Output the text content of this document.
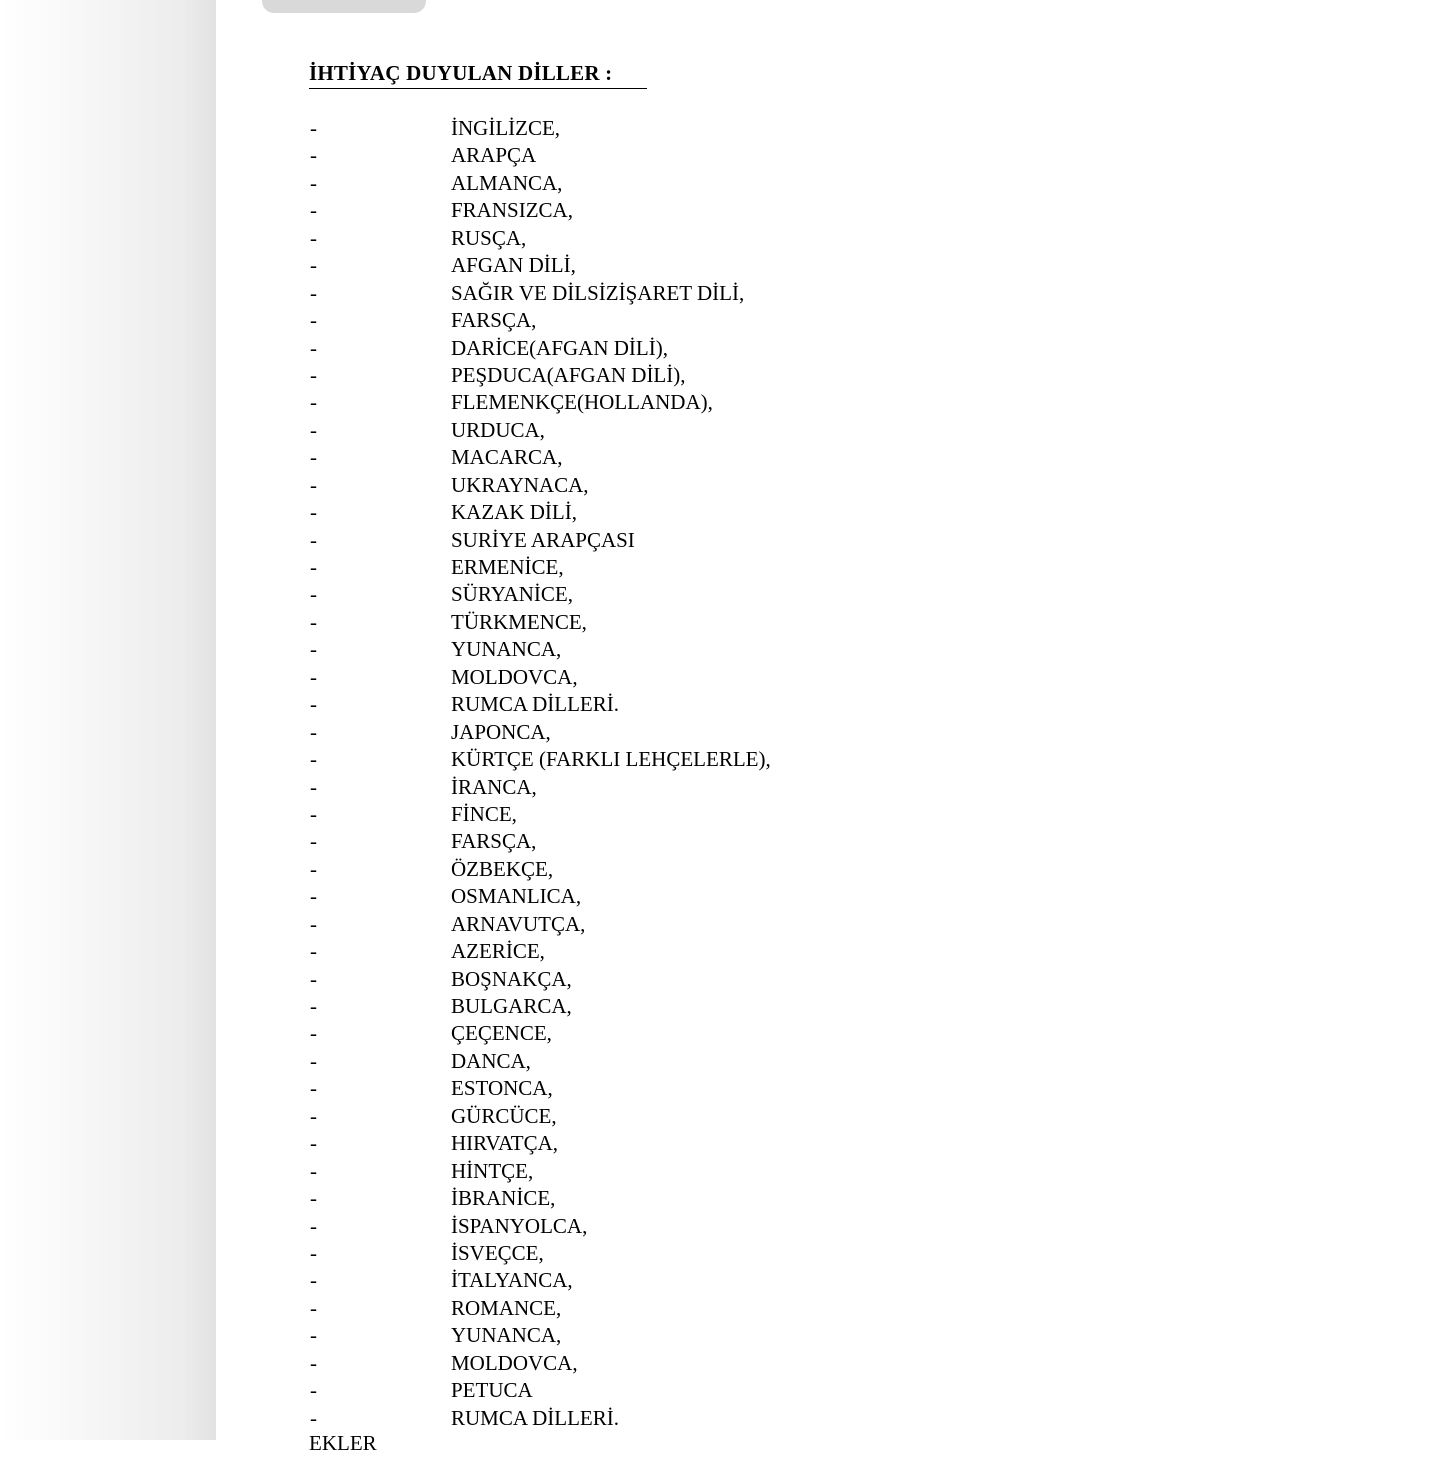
İHTİYAÇ DUYULAN DİLLER :
-	İNGİLİZCE,
-	ARAPÇA
-	ALMANCA,
-	FRANSIZCA,
-	RUSÇA,
-	AFGAN DİLİ,
-	SAĞIR VE DİLSİZİŞARET DİLİ,
-	FARSÇA,
-	DARİCE(AFGAN DİLİ),
-	PEŞDUCA(AFGAN DİLİ),
-	FLEMENKÇE(HOLLANDA),
-	URDUCA,
-	MACARCA,
-	UKRAYNACA,
-	KAZAK DİLİ,
-	SURİYE ARAPÇASI
-	ERMENİCE,
-	SÜRYANİCE,
-	TÜRKMENCE,
-	YUNANCA,
-	MOLDOVCA,
-	RUMCA DİLLERİ.
-	JAPONCA,
-	KÜRTÇE (FARKLI LEHÇELERLE),
-	İRANCA,
-	FİNCE,
-	FARSÇA,
-	ÖZBEKÇE,
-	OSMANLICA,
-	ARNAVUTÇA,
-	AZERİCE,
-	BOŞNAKÇA,
-	BULGARCA,
-	ÇEÇENCE,
-	DANCA,
-	ESTONCA,
-	GÜRCÜCE,
-	HIRVATÇA,
-	HİNTÇE,
-	İBRANİCE,
-	İSPANYOLCA,
-	İSVEÇCE,
-	İTALYANCA,
-	ROMANCE,
-	YUNANCA,
-	MOLDOVCA,
-	PETUCA
-	RUMCA DİLLERİ.
EKLER
